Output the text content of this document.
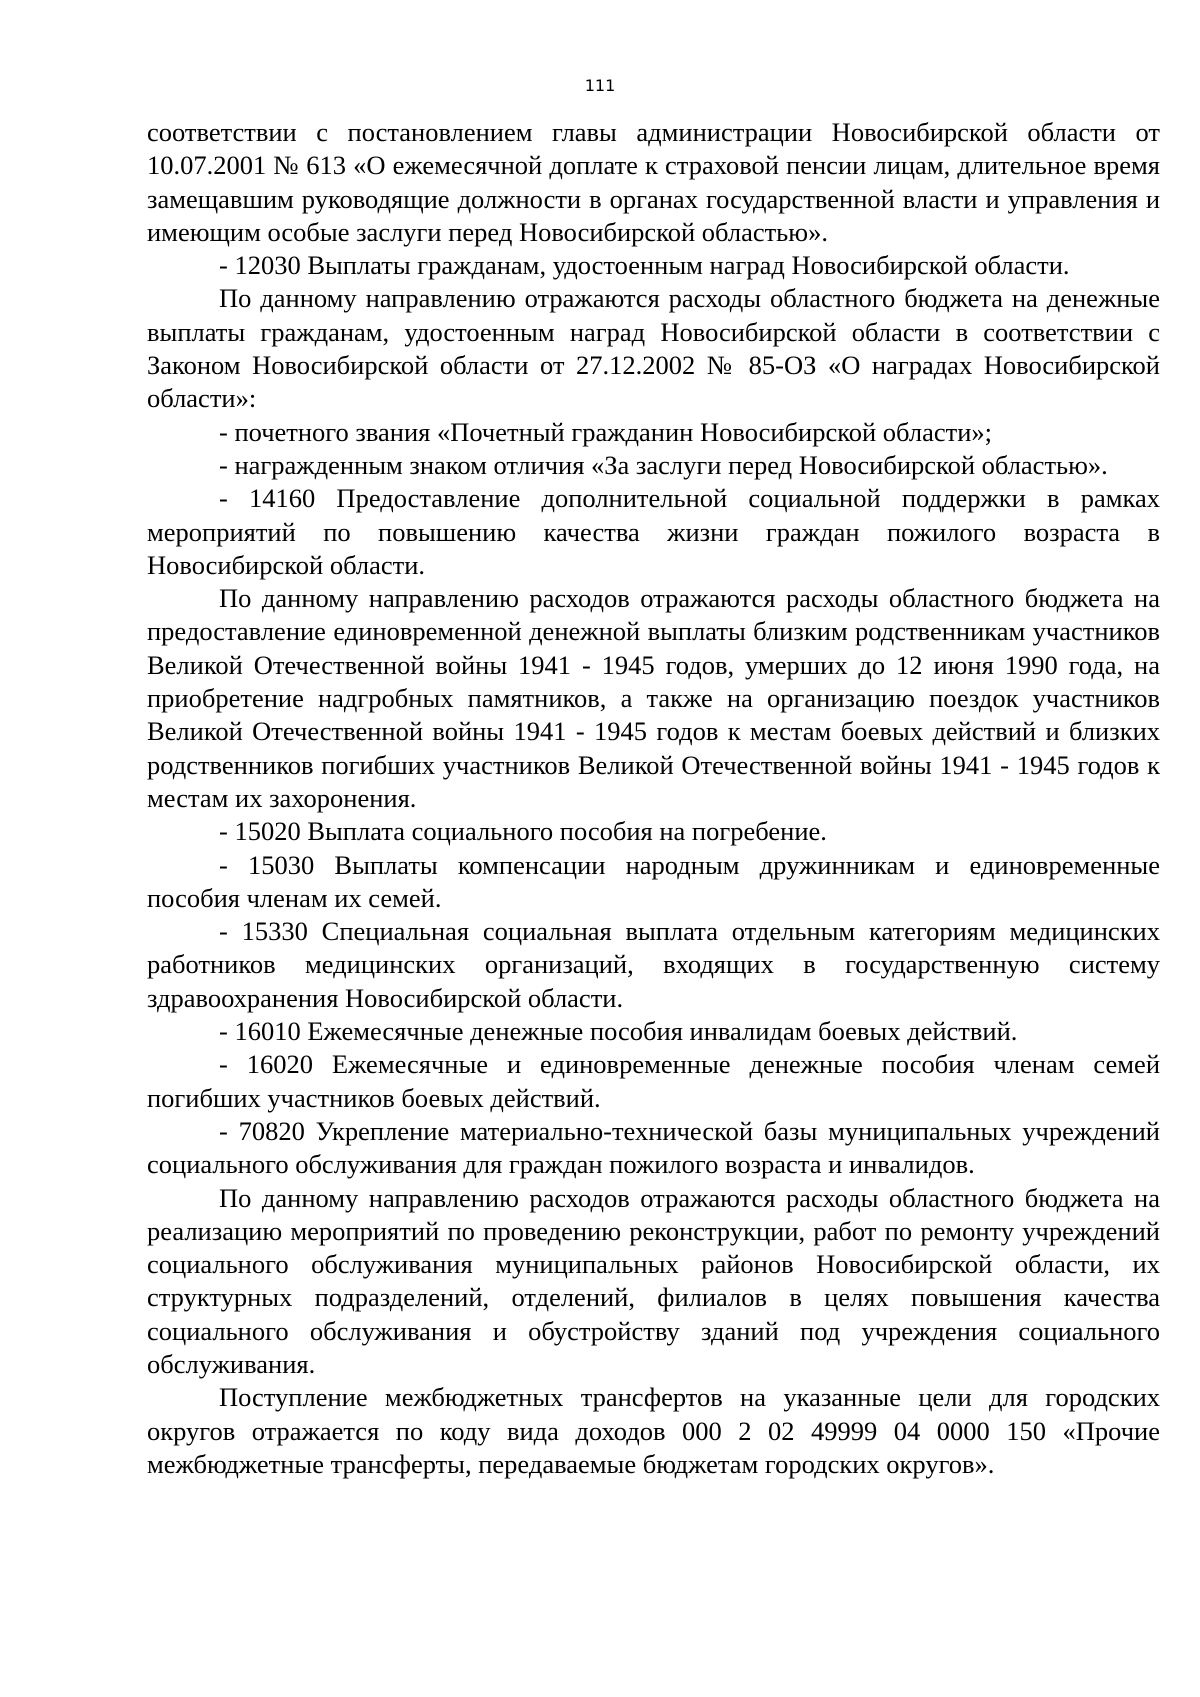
111

соответствии с постановлением главы администрации Новосибирской области от 10.07.2001 № 613 «О ежемесячной доплате к страховой пенсии лицам, длительное время замещавшим руководящие должности в органах государственной власти и управления и имеющим особые заслуги перед Новосибирской областью».

- 12030 Выплаты гражданам, удостоенным наград Новосибирской области.

По данному направлению отражаются расходы областного бюджета на денежные выплаты гражданам, удостоенным наград Новосибирской области в соответствии с Законом Новосибирской области от 27.12.2002 № 85-ОЗ «О наградах Новосибирской области»:

- почетного звания «Почетный гражданин Новосибирской области»;

- награжденным знаком отличия «За заслуги перед Новосибирской областью».

- 14160 Предоставление дополнительной социальной поддержки в рамках мероприятий по повышению качества жизни граждан пожилого возраста в Новосибирской области.

По данному направлению расходов отражаются расходы областного бюджета на предоставление единовременной денежной выплаты близким родственникам участников Великой Отечественной войны 1941 - 1945 годов, умерших до 12 июня 1990 года, на приобретение надгробных памятников, а также на организацию поездок участников Великой Отечественной войны 1941 - 1945 годов к местам боевых действий и близких родственников погибших участников Великой Отечественной войны 1941 - 1945 годов к местам их захоронения.

- 15020 Выплата социального пособия на погребение.

- 15030 Выплаты компенсации народным дружинникам и единовременные пособия членам их семей.

- 15330 Специальная социальная выплата отдельным категориям медицинских работников медицинских организаций, входящих в государственную систему здравоохранения Новосибирской области.

- 16010 Ежемесячные денежные пособия инвалидам боевых действий.

- 16020 Ежемесячные и единовременные денежные пособия членам семей погибших участников боевых действий.

- 70820 Укрепление материально-технической базы муниципальных учреждений социального обслуживания для граждан пожилого возраста и инвалидов.

По данному направлению расходов отражаются расходы областного бюджета на реализацию мероприятий по проведению реконструкции, работ по ремонту учреждений социального обслуживания муниципальных районов Новосибирской области, их структурных подразделений, отделений, филиалов в целях повышения качества социального обслуживания и обустройству зданий под учреждения социального обслуживания.

Поступление межбюджетных трансфертов на указанные цели для городских округов отражается по коду вида доходов 000 2 02 49999 04 0000 150 «Прочие межбюджетные трансферты, передаваемые бюджетам городских округов».
